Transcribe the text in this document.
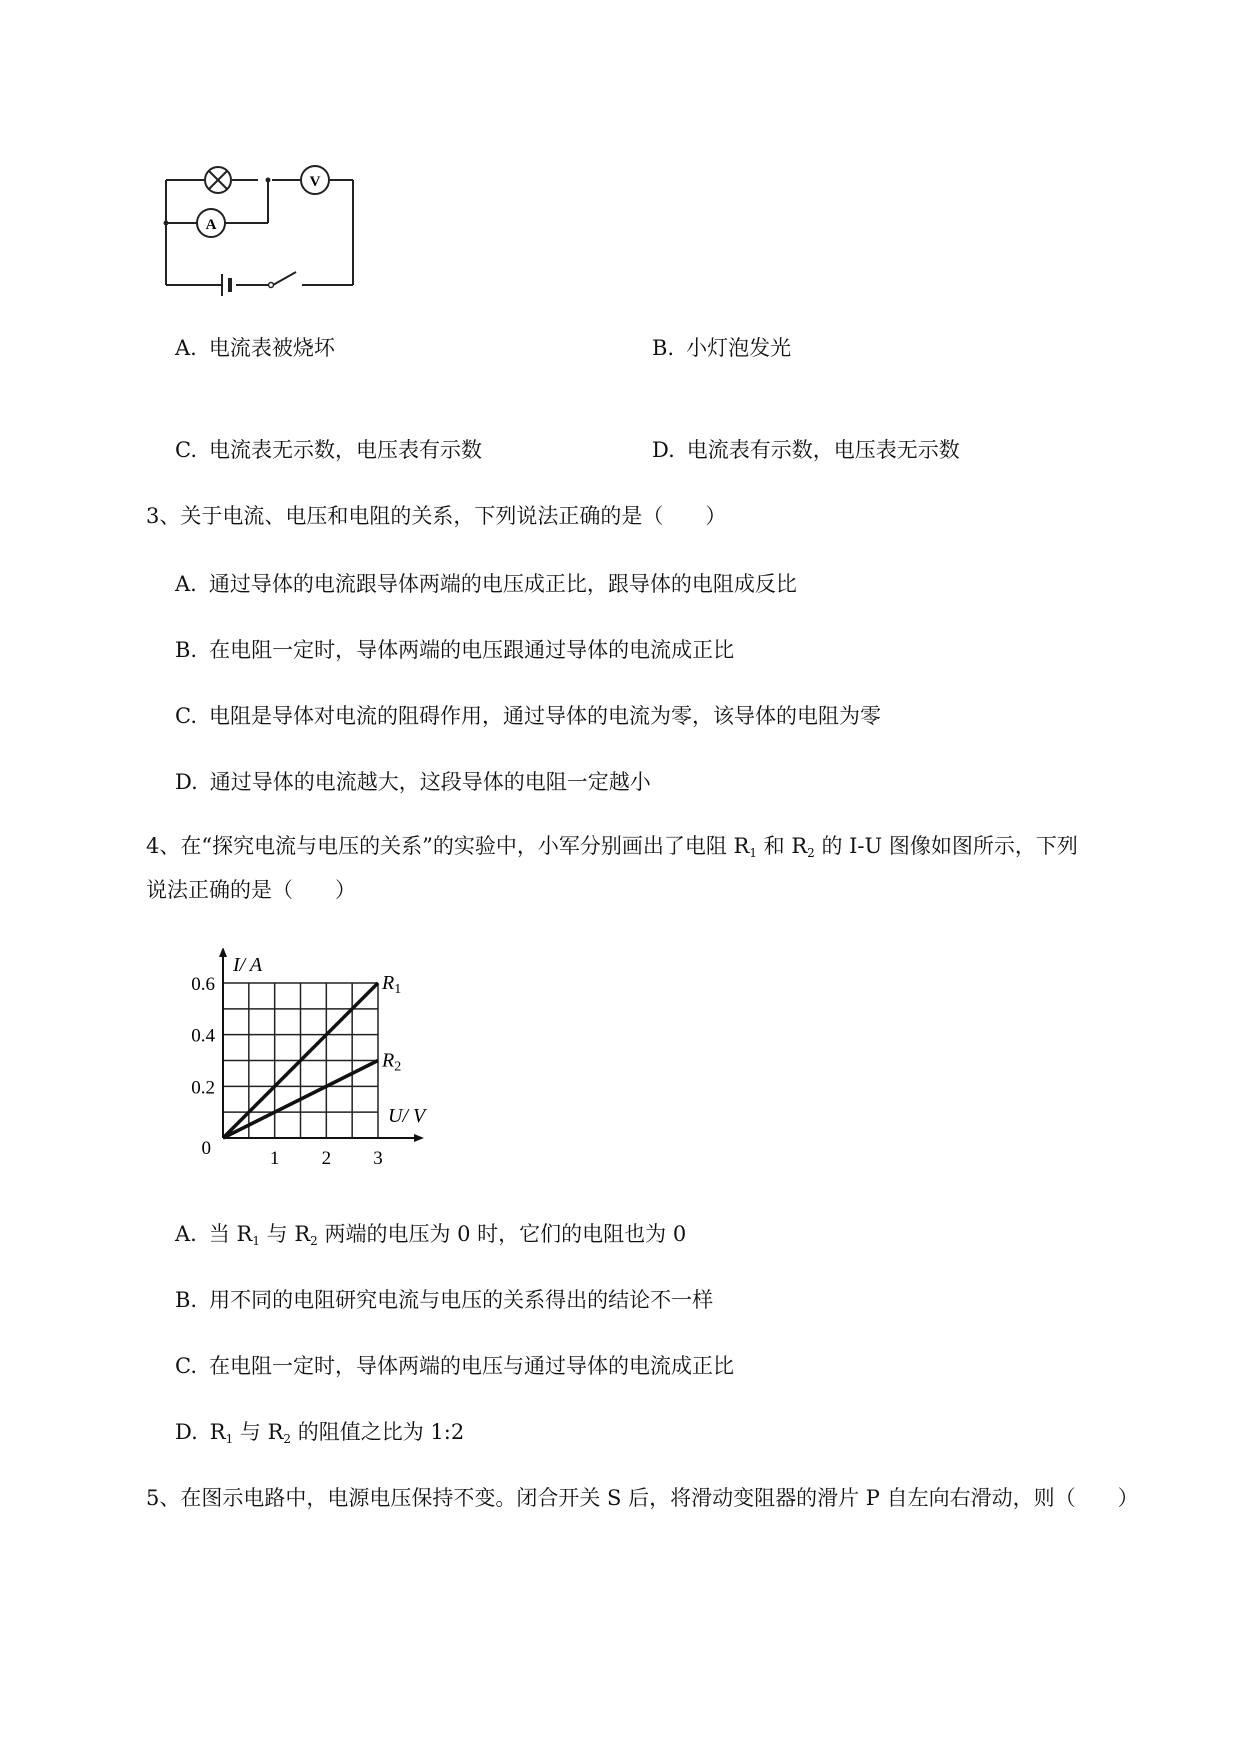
V
A
A. 电流表被烧坏	B. 小灯泡发光
C. 电流表无示数，电压表有示数	D. 电流表有示数，电压表无示数
3、关于电流、电压和电阻的关系，下列说法正确的是（　　）
A. 通过导体的电流跟导体两端的电压成正比，跟导体的电阻成反比
B. 在电阻一定时，导体两端的电压跟通过导体的电流成正比
C. 电阻是导体对电流的阻碍作用，通过导体的电流为零，该导体的电阻为零
D. 通过导体的电流越大，这段导体的电阻一定越小
4、在“探究电流与电压的关系”的实验中，小军分别画出了电阻 $R_1$ 和 $R_2$ 的 I-U 图像如图所示，下列
说法正确的是（　　）
$R_1$
$R_2$
1 2 3
0.2
0.4
0.6
0
I/ A
U/ V
A. 当 $R_1$ 与 $R_2$ 两端的电压为 0 时，它们的电阻也为 0
B. 用不同的电阻研究电流与电压的关系得出的结论不一样
C. 在电阻一定时，导体两端的电压与通过导体的电流成正比
D. $R_1$ 与 $R_2$ 的阻值之比为 1:2
5、在图示电路中，电源电压保持不变。闭合开关 S 后，将滑动变阻器的滑片 P 自左向右滑动，则（　　）
